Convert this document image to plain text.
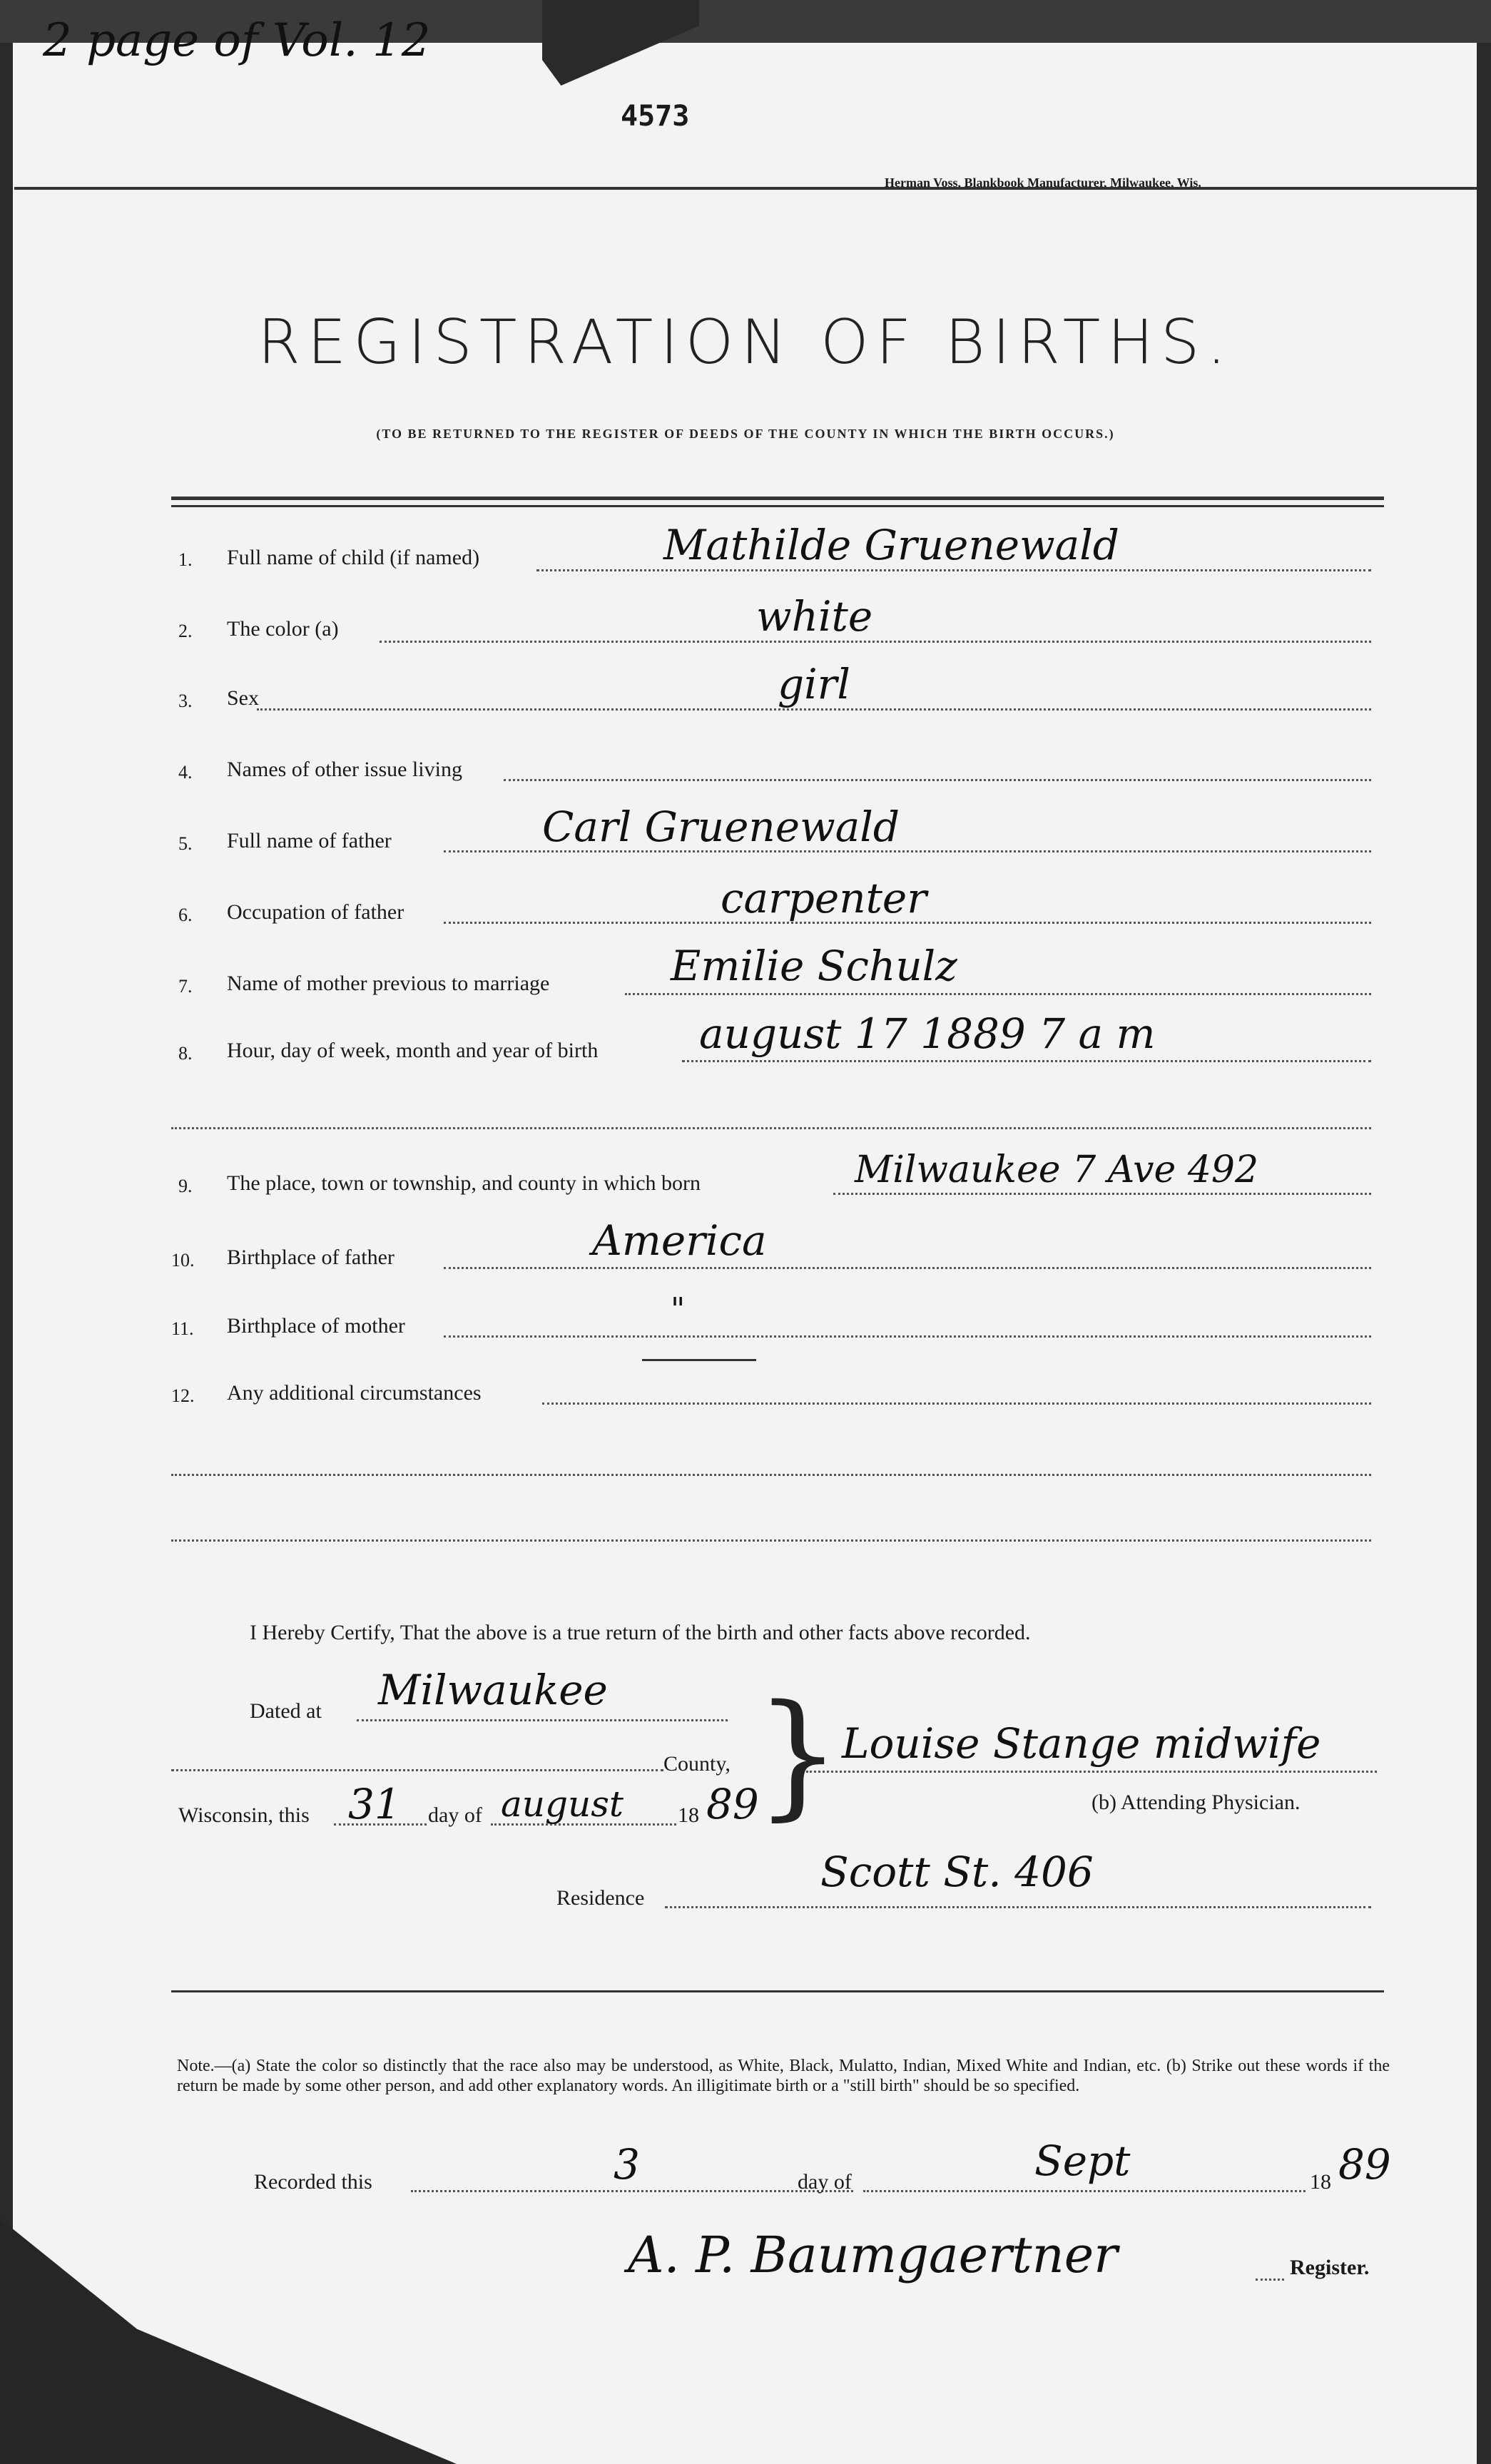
2 page of Vol. 12
4573
Herman Voss, Blankbook Manufacturer, Milwaukee, Wis.
REGISTRATION OF BIRTHS.
(TO BE RETURNED TO THE REGISTER OF DEEDS OF THE COUNTY IN WHICH THE BIRTH OCCURS.)
1. Full name of child (if named)	Mathilde Gruenewald
2. The color (a)	white
3. Sex	girl
4. Names of other issue living
5. Full name of father	Carl Gruenewald
6. Occupation of father	carpenter
7. Name of mother previous to marriage	Emilie Schulz
8. Hour, day of week, month and year of birth august 17 1889 7 a m
9. The place, town or township, and county in which born	Milwaukee 7 Ave 492
10. Birthplace of father	America
11. Birthplace of mother	"
12. Any additional circumstances
I Hereby Certify, That the above is a true return of the birth and other facts above recorded.
Dated at Milwaukee
County,
Wisconsin, this 31 day of august	18 89
} Louise Stange midwife
(b) Attending Physician.
Residence
Scott St. 406
Note.—(a) State the color so distinctly that the race also may be understood, as White, Black, Mulatto, Indian, Mixed White and Indian, etc. (b) Strike out these words if the return be made by some other person, and add other explanatory words. An illigitimate birth or a "still birth" should be so specified.
Recorded this	3	day of	Sept	18 89
A. P. Baumgaertner	Register.
